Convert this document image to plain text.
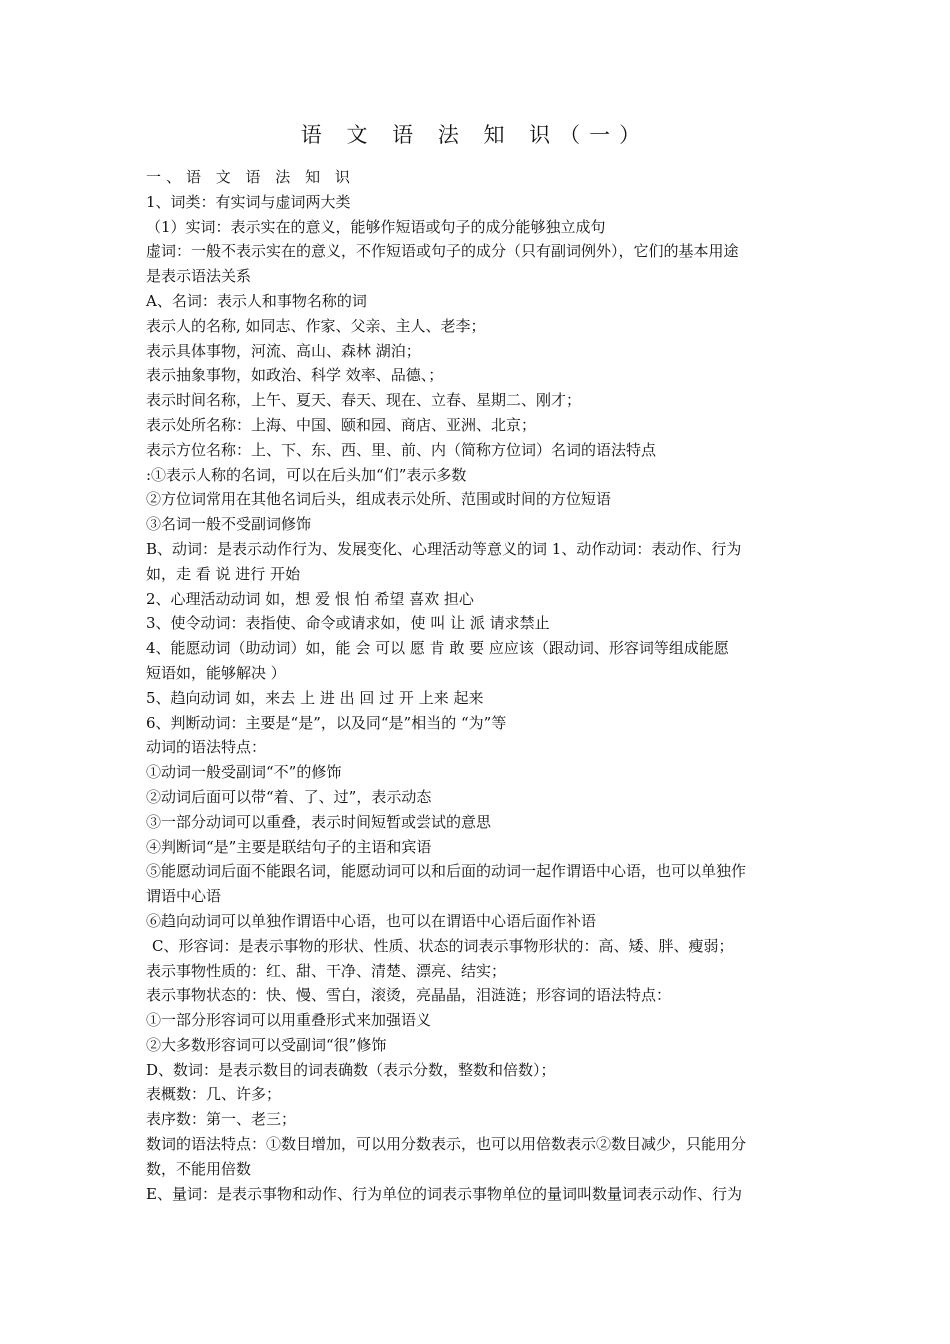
语 文 语 法 知 识（一）
一、语 文 语 法 知 识
1、词类：有实词与虚词两大类
（1）实词：表示实在的意义，能够作短语或句子的成分能够独立成句
虚词：一般不表示实在的意义，不作短语或句子的成分（只有副词例外），它们的基本用途
是表示语法关系
A、名词：表示人和事物名称的词
表示人的名称, 如同志、作家、父亲、主人、老李；
表示具体事物，河流、高山、森林 湖泊；
表示抽象事物，如政治、科学 效率、品德、；
表示时间名称，上午、夏天、春天、现在、立春、星期二、刚才；
表示处所名称：上海、中国、颐和园、商店、亚洲、北京；
表示方位名称：上、下、东、西、里、前、内（简称方位词）名词的语法特点
:①表示人称的名词，可以在后头加“们”表示多数
②方位词常用在其他名词后头，组成表示处所、范围或时间的方位短语
③名词一般不受副词修饰
B、动词：是表示动作行为、发展变化、心理活动等意义的词 1、动作动词：表动作、行为
如，走 看 说 进行 开始
2、心理活动动词 如，想 爱 恨 怕 希望 喜欢 担心
3、使令动词：表指使、命令或请求如，使 叫 让 派 请求禁止
4、能愿动词（助动词）如，能 会 可以 愿 肯 敢 要 应应该（跟动词、形容词等组成能愿
短语如，能够解决 ）
5、趋向动词 如，来去 上 进 出 回 过 开 上来 起来
6、判断动词：主要是“是”，以及同“是”相当的 “为”等
动词的语法特点：
①动词一般受副词“不”的修饰
②动词后面可以带“着、了、过”，表示动态
③一部分动词可以重叠，表示时间短暂或尝试的意思
④判断词“是”主要是联结句子的主语和宾语
⑤能愿动词后面不能跟名词，能愿动词可以和后面的动词一起作谓语中心语，也可以单独作
谓语中心语
⑥趋向动词可以单独作谓语中心语，也可以在谓语中心语后面作补语
C、形容词：是表示事物的形状、性质、状态的词表示事物形状的：高、矮、胖、瘦弱；
表示事物性质的：红、甜、干净、清楚、漂亮、结实；
表示事物状态的：快、慢、雪白，滚烫，亮晶晶，泪涟涟；形容词的语法特点：
①一部分形容词可以用重叠形式来加强语义
②大多数形容词可以受副词“很”修饰
D、数词：是表示数目的词表确数（表示分数，整数和倍数）；
表概数：几、许多；
表序数：第一、老三；
数词的语法特点：①数目增加，可以用分数表示，也可以用倍数表示②数目减少，只能用分
数，不能用倍数
E、量词：是表示事物和动作、行为单位的词表示事物单位的量词叫数量词表示动作、行为
